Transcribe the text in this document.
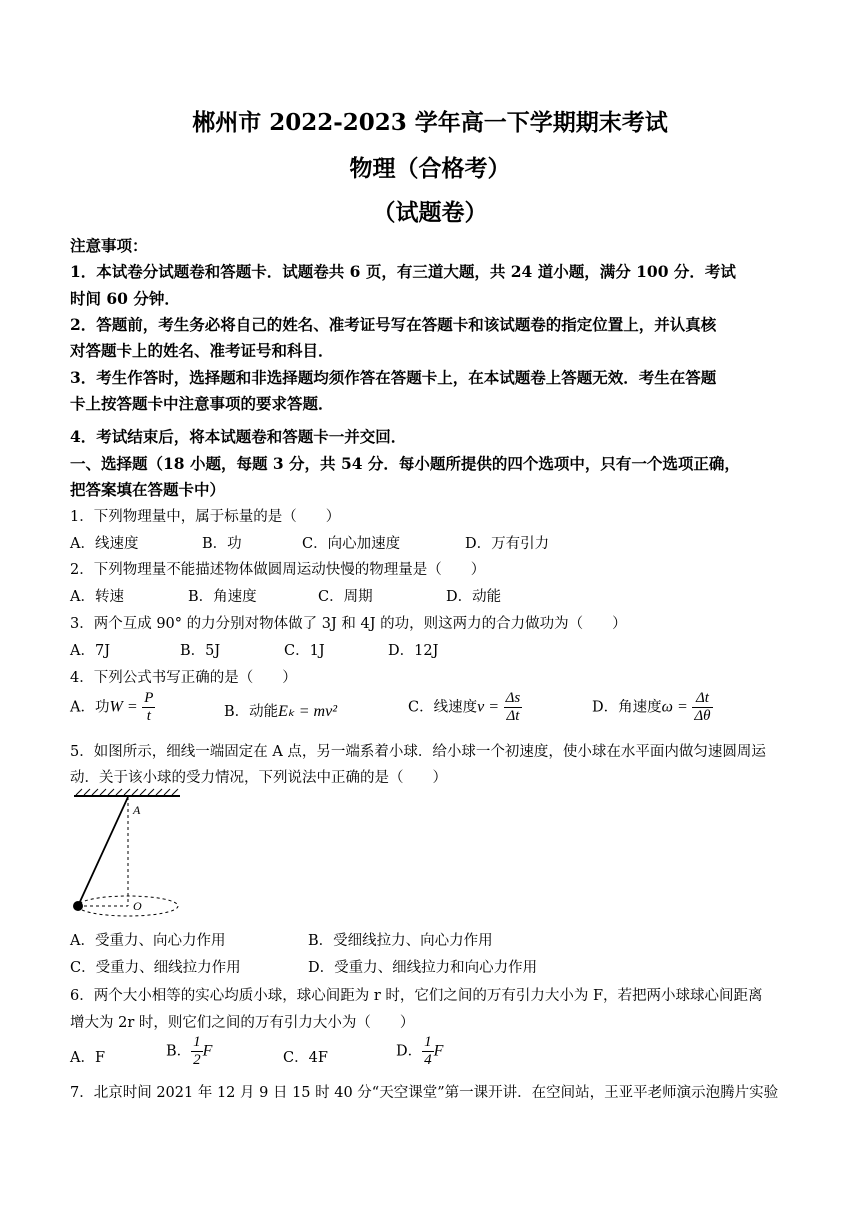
郴州市 2022-2023 学年高一下学期期末考试
物理（合格考）
（试题卷）
注意事项：
1．本试卷分试题卷和答题卡．试题卷共 6 页，有三道大题，共 24 道小题，满分 100 分．考试
时间 60 分钟．
2．答题前，考生务必将自己的姓名、准考证号写在答题卡和该试题卷的指定位置上，并认真核
对答题卡上的姓名、准考证号和科目．
3．考生作答时，选择题和非选择题均须作答在答题卡上，在本试题卷上答题无效．考生在答题
卡上按答题卡中注意事项的要求答题．
4．考试结束后，将本试题卷和答题卡一并交回．
一、选择题（18 小题，每题 3 分，共 54 分．每小题所提供的四个选项中，只有一个选项正确，
把答案填在答题卡中）
1．下列物理量中，属于标量的是（　　）
A．线速度	B．功	C．向心加速度	D．万有引力
2．下列物理量不能描述物体做圆周运动快慢的物理量是（　　）
A．转速	B．角速度	C．周期	D．动能
3．两个互成 90° 的力分别对物体做了 3J 和 4J 的功，则这两力的合力做功为（　　）
A．7J	B．5J	C．1J	D．12J
4．下列公式书写正确的是（　　）
A．功$W = \frac{P}{t}$	B．动能Eₖ = mv²	C．线速度$v = \frac{\Delta s}{\Delta t}$	D．角速度$\omega = \frac{\Delta t}{\Delta\theta}$
5．如图所示，细线一端固定在 A 点，另一端系着小球．给小球一个初速度，使小球在水平面内做匀速圆周运
动．关于该小球的受力情况，下列说法中正确的是（　　）
A
O
A．受重力、向心力作用	B．受细线拉力、向心力作用
C．受重力、细线拉力作用	D．受重力、细线拉力和向心力作用
6．两个大小相等的实心均质小球，球心间距为 r 时，它们之间的万有引力大小为 F，若把两小球球心间距离
增大为 2r 时，则它们之间的万有引力大小为（　　）
A．F	B． $\frac{1}{2}$ F	C．4F	D． $\frac{1}{4}$ F
7．北京时间 2021 年 12 月 9 日 15 时 40 分“天空课堂”第一课开讲．在空间站，王亚平老师演示泡腾片实验
